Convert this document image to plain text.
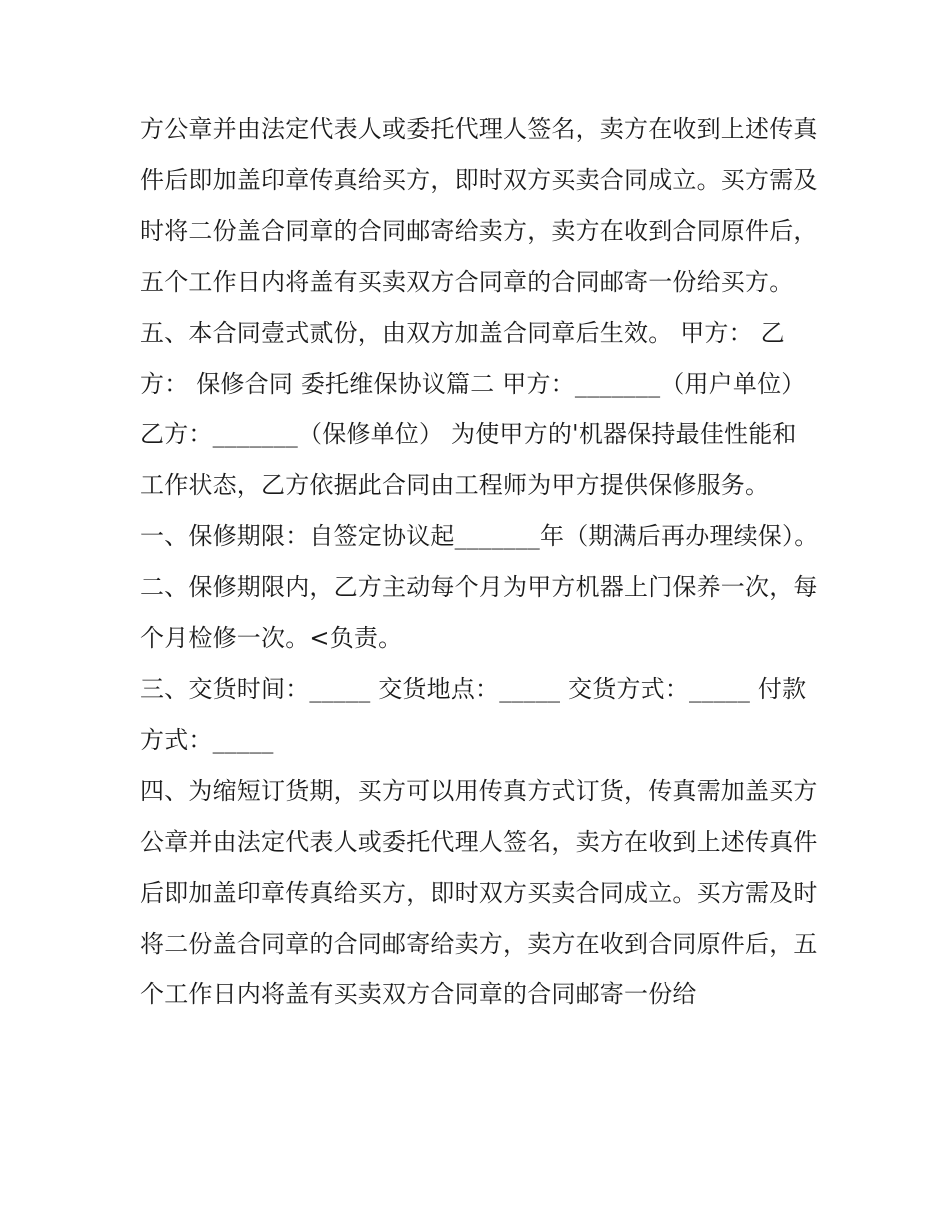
方公章并由法定代表人或委托代理人签名，卖方在收到上述传真件后即加盖印章传真给买方，即时双方买卖合同成立。买方需及时将二份盖合同章的合同邮寄给卖方，卖方在收到合同原件后，五个工作日内将盖有买卖双方合同章的合同邮寄一份给买方。

五、本合同壹式贰份，由双方加盖合同章后生效。 甲方： 乙方： 保修合同 委托维保协议篇二 甲方：_______（用户单位）

乙方：_______（保修单位） 为使甲方的'机器保持最佳性能和工作状态，乙方依据此合同由工程师为甲方提供保修服务。

一、保修期限：自签定协议起_______年（期满后再办理续保）。 二、保修期限内，乙方主动每个月为甲方机器上门保养一次，每个月检修一次。<负责。

三、交货时间：_____ 交货地点：_____ 交货方式：_____ 付款方式：_____

四、为缩短订货期，买方可以用传真方式订货，传真需加盖买方公章并由法定代表人或委托代理人签名，卖方在收到上述传真件后即加盖印章传真给买方，即时双方买卖合同成立。买方需及时将二份盖合同章的合同邮寄给卖方，卖方在收到合同原件后，五个工作日内将盖有买卖双方合同章的合同邮寄一份给
